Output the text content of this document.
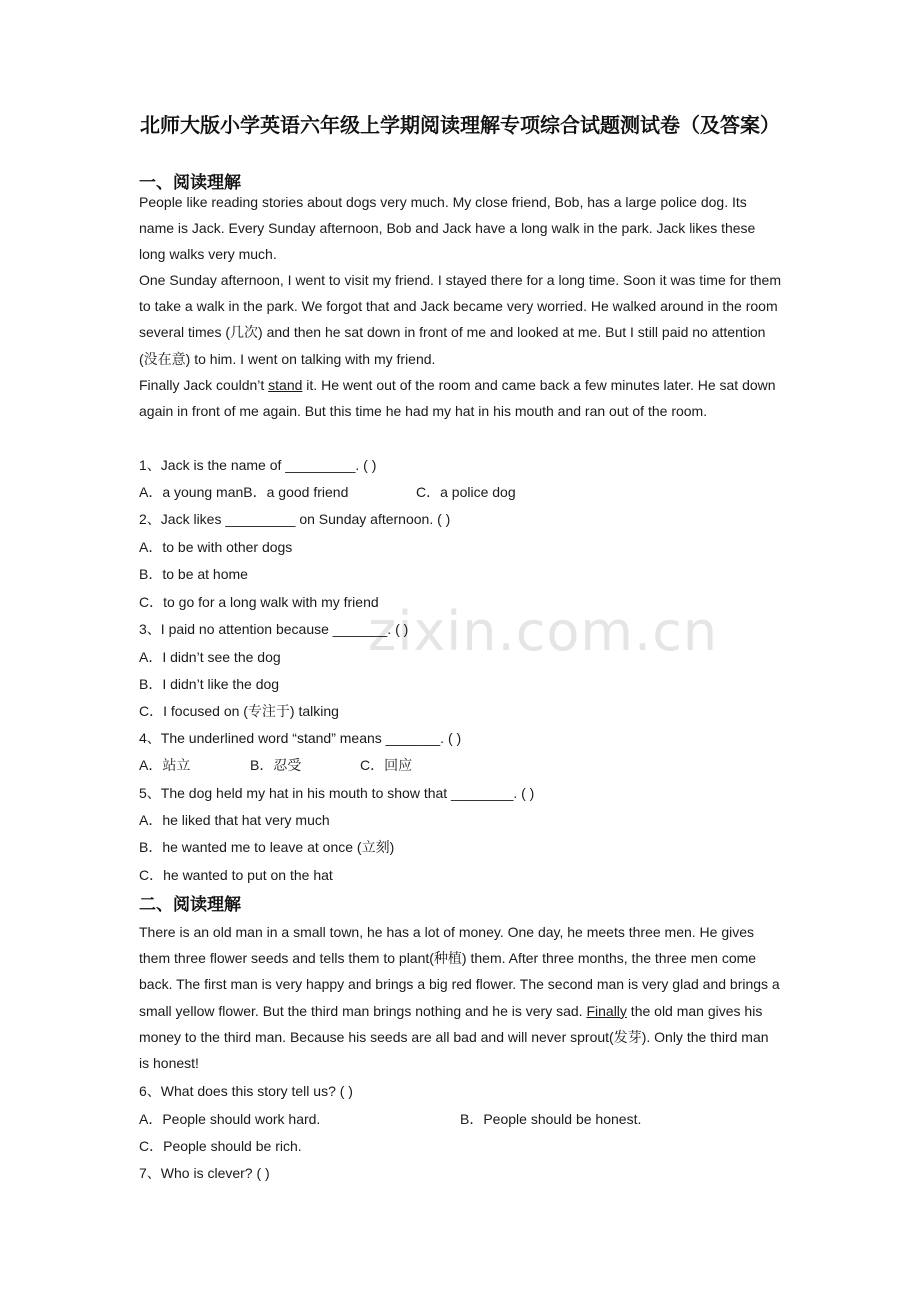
zixin.com.cn
北师大版小学英语六年级上学期阅读理解专项综合试题测试卷（及答案）
一、阅读理解
People like reading stories about dogs very much. My close friend, Bob, has a large police dog. Its name is Jack. Every Sunday afternoon, Bob and Jack have a long walk in the park. Jack likes these long walks very much.
One Sunday afternoon, I went to visit my friend. I stayed there for a long time. Soon it was time for them to take a walk in the park. We forgot that and Jack became very worried. He walked around in the room several times (几次) and then he sat down in front of me and looked at me. But I still paid no attention (没在意) to him. I went on talking with my friend.
Finally Jack couldn’t stand it. He went out of the room and came back a few minutes later. He sat down again in front of me again. But this time he had my hat in his mouth and ran out of the room.
1、Jack is the name of _________. ( )
A．a young manB．a good friend	C．a police dog
2、Jack likes _________ on Sunday afternoon. ( )
A．to be with other dogs
B．to be at home
C．to go for a long walk with my friend
3、I paid no attention because _______. ( )
A．I didn’t see the dog
B．I didn’t like the dog
C．I focused on (专注于) talking
4、The underlined word “stand” means _______. ( )
A．站立	B．忍受	C．回应
5、The dog held my hat in his mouth to show that ________. ( )
A．he liked that hat very much
B．he wanted me to leave at once (立刻)
C．he wanted to put on the hat
二、阅读理解
There is an old man in a small town, he has a lot of money. One day, he meets three men. He gives them three flower seeds and tells them to plant(种植) them. After three months, the three men come back. The first man is very happy and brings a big red flower. The second man is very glad and brings a small yellow flower. But the third man brings nothing and he is very sad. Finally the old man gives his money to the third man. Because his seeds are all bad and will never sprout(发芽). Only the third man is honest!
6、What does this story tell us? ( )
A．People should work hard.	B．People should be honest.
C．People should be rich.
7、Who is clever? ( )
